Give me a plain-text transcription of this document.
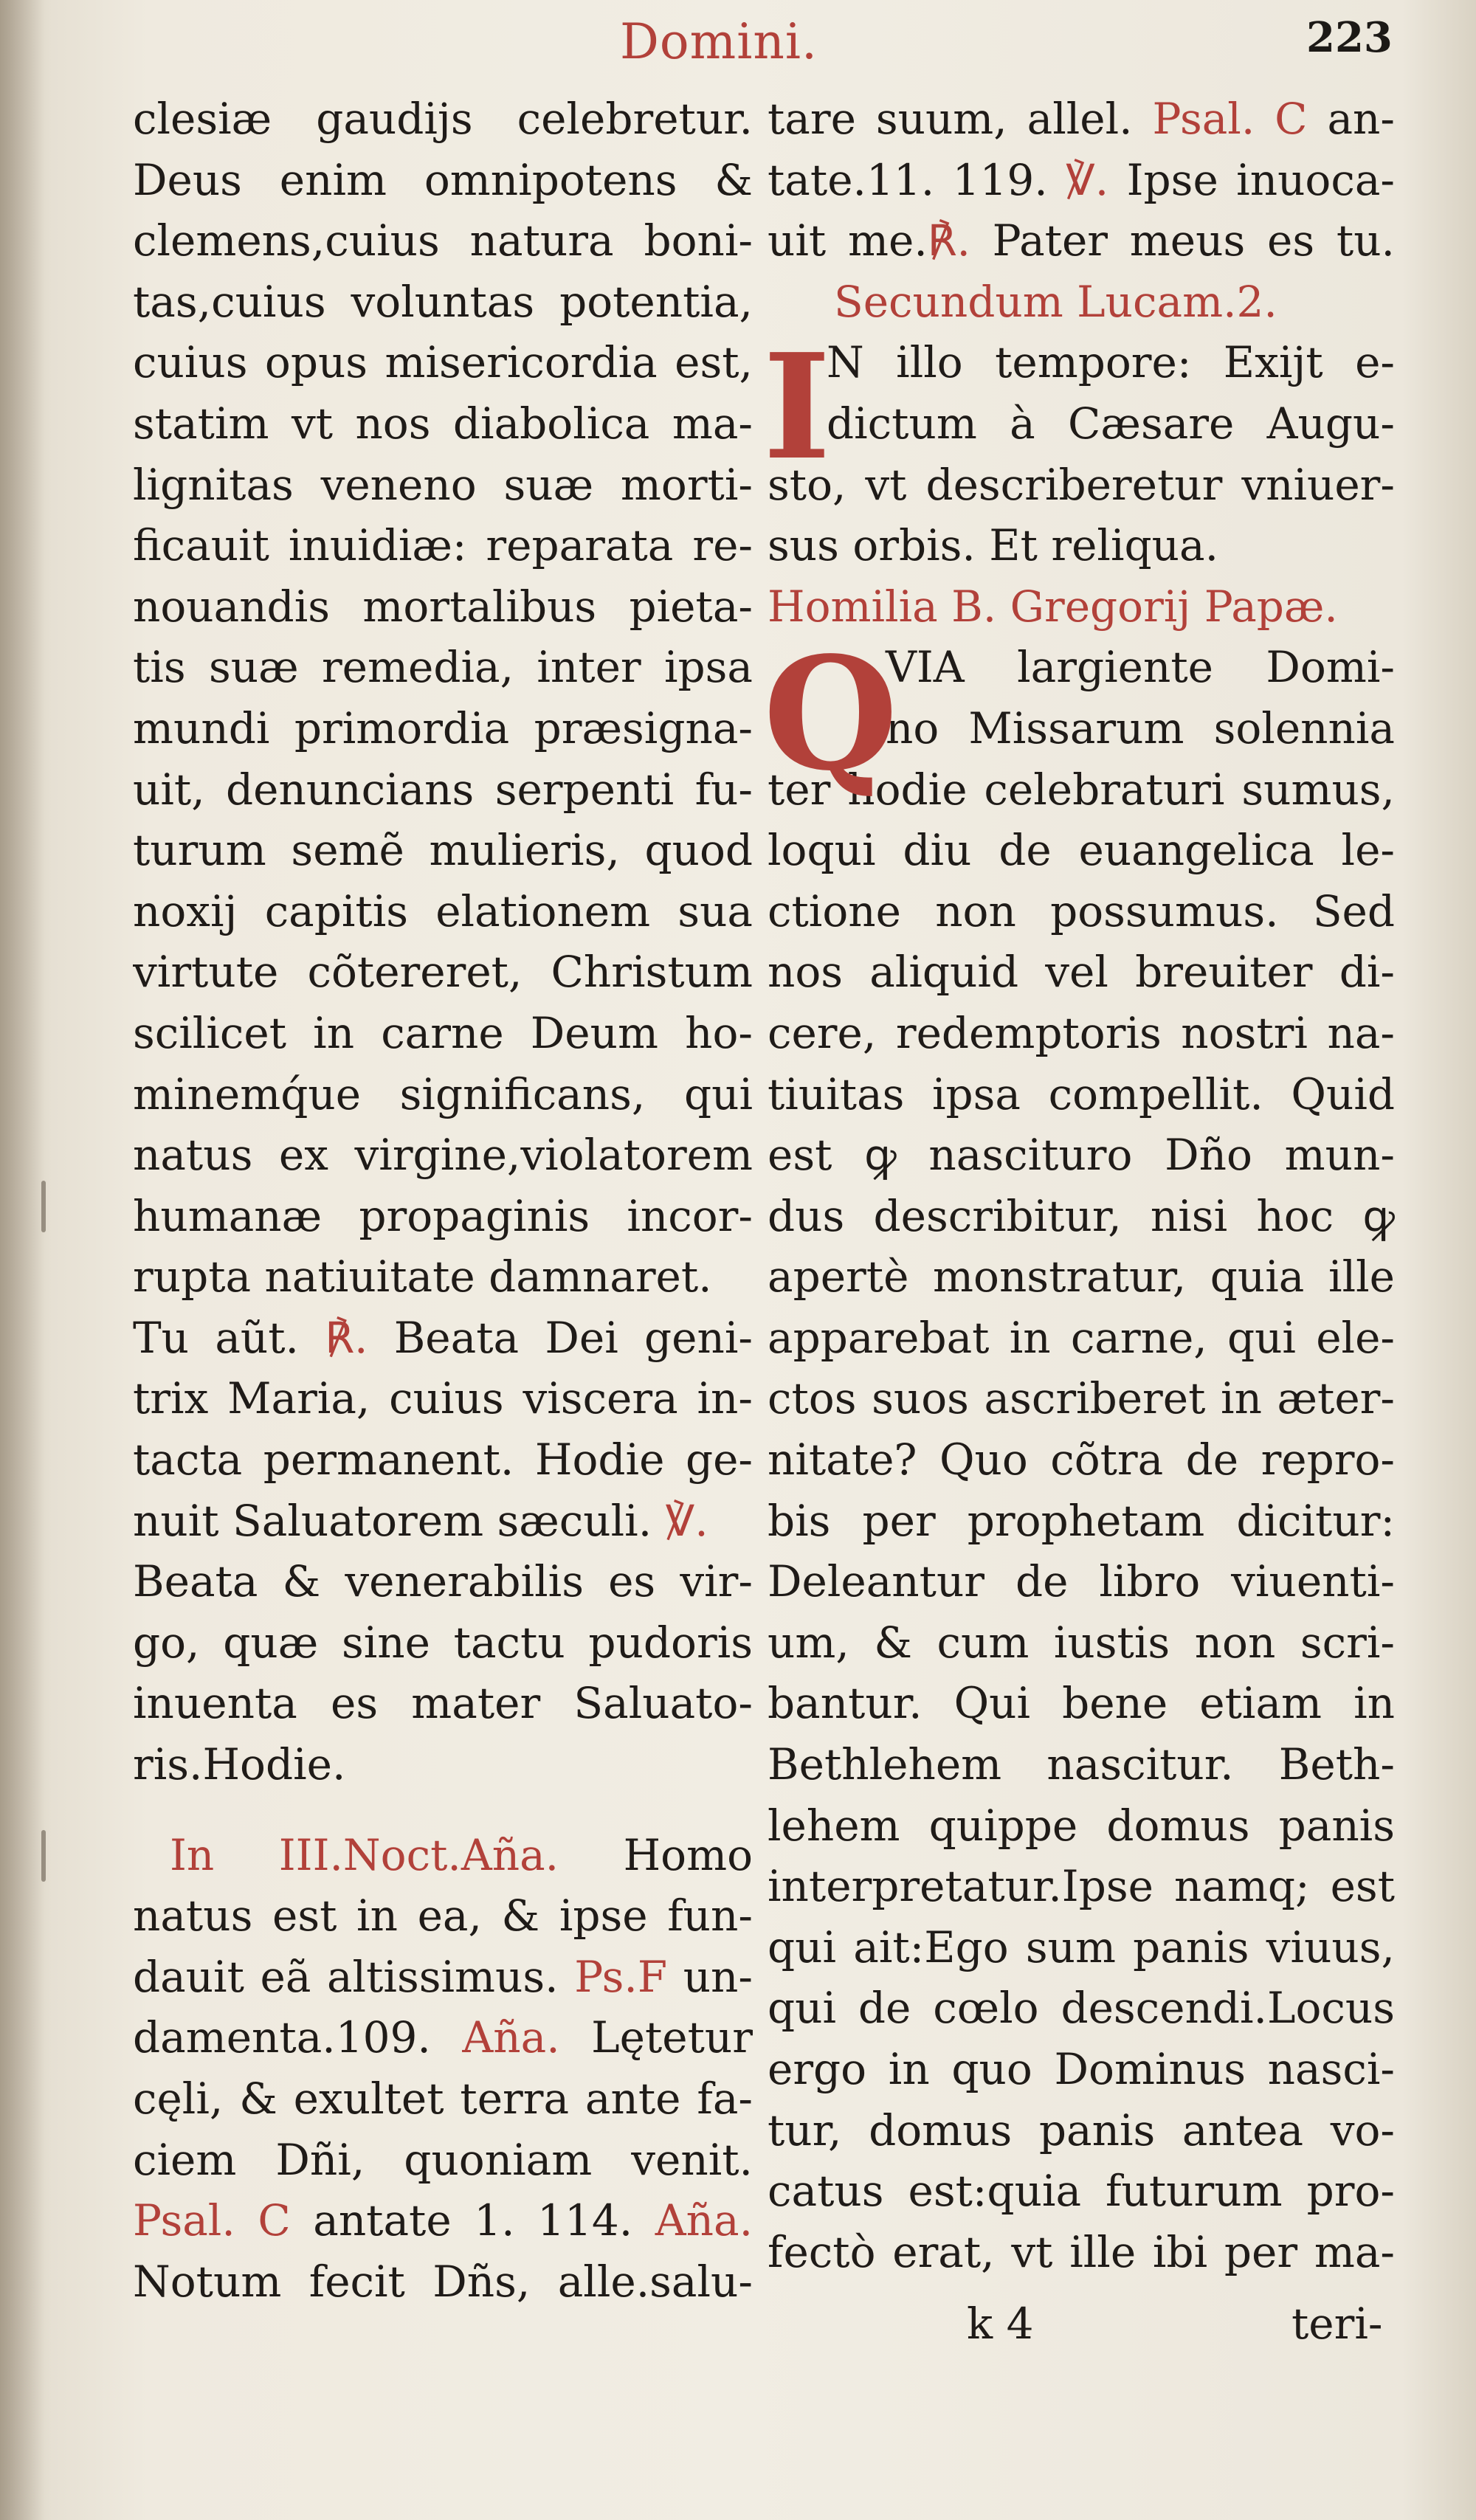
Domini.	223
clesiæ gaudijs celebretur.
Deus enim omnipotens &
clemens,cuius natura boni-
tas,cuius voluntas potentia,
cuius opus misericordia est,
statim vt nos diabolica ma-
lignitas veneno suæ morti-
ficauit inuidiæ: reparata re-
nouandis mortalibus pieta-
tis suæ remedia, inter ipsa
mundi primordia præsigna-
uit, denuncians serpenti fu-
turum semẽ mulieris, quod
noxij capitis elationem sua
virtute cõtereret, Christum
scilicet in carne Deum ho-
minemq́ue significans, qui
natus ex virgine,violatorem
humanæ propaginis incor-
rupta natiuitate damnaret.
Tu aũt. ℟. Beata Dei geni-
trix Maria, cuius viscera in-
tacta permanent. Hodie ge-
nuit Saluatorem sæculi. ℣.
Beata & venerabilis es vir-
go, quæ sine tactu pudoris
inuenta es mater Saluato-
ris.Hodie.
In III.Noct.Aña. Homo
natus est in ea, & ipse fun-
dauit eã altissimus. Ps.F un-
damenta.109. Aña. Lętetur
cęli, & exultet terra ante fa-
ciem Dñi, quoniam venit.
Psal. C antate 1. 114. Aña.
Notum fecit Dñs, alle.salu-
tare suum, allel. Psal. C an-
tate.11. 119. ℣. Ipse inuoca-
uit me.℟. Pater meus es tu.
Secundum Lucam.2.
I
N illo tempore: Exijt e-
dictum à Cæsare Augu-
sto, vt describeretur vniuer-
sus orbis. Et reliqua.
Homilia B. Gregorij Papæ.
Q
VIA largiente Domi-
no Missarum solennia
ter hodie celebraturi sumus,
loqui diu de euangelica le-
ctione non possumus. Sed
nos aliquid vel breuiter di-
cere, redemptoris nostri na-
tiuitas ipsa compellit. Quid
est ꝙ nascituro Dño mun-
dus describitur, nisi hoc ꝙ
apertè monstratur, quia ille
apparebat in carne, qui ele-
ctos suos ascriberet in æter-
nitate? Quo cõtra de repro-
bis per prophetam dicitur:
Deleantur de libro viuenti-
um, & cum iustis non scri-
bantur. Qui bene etiam in
Bethlehem nascitur. Beth-
lehem quippe domus panis
interpretatur.Ipse namq; est
qui ait:Ego sum panis viuus,
qui de cœlo descendi.Locus
ergo in quo Dominus nasci-
tur, domus panis antea vo-
catus est:quia futurum pro-
fectò erat, vt ille ibi per ma-
k 4	teri-
